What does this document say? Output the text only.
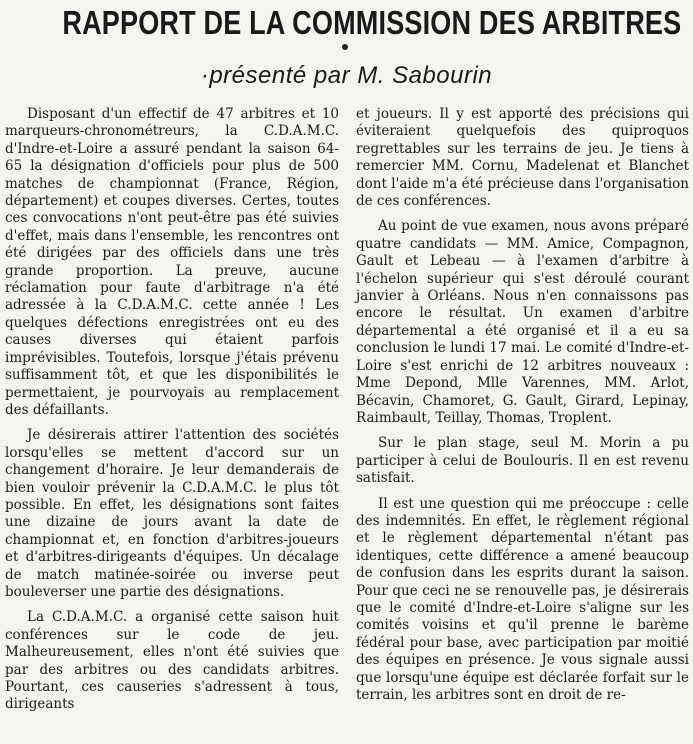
RAPPORT DE LA COMMISSION DES ARBITRES
·présenté par M. Sabourin

Disposant d'un effectif de 47 arbitres et 10 marqueurs-chronométreurs, la C.D.A.M.C. d'Indre-et-Loire a assuré pendant la saison 64-65 la désignation d'officiels pour plus de 500 matches de championnat (France, Région, département) et coupes diverses. Certes, toutes ces convocations n'ont peut-être pas été suivies d'effet, mais dans l'ensemble, les rencontres ont été dirigées par des officiels dans une très grande proportion. La preuve, aucune réclamation pour faute d'arbitrage n'a été adressée à la C.D.A.M.C. cette année ! Les quelques défections enregistrées ont eu des causes diverses qui étaient parfois imprévisibles. Toutefois, lorsque j'étais prévenu suffisamment tôt, et que les disponibilités le permettaient, je pourvoyais au remplacement des défaillants.

Je désirerais attirer l'attention des sociétés lorsqu'elles se mettent d'accord sur un changement d'horaire. Je leur demanderais de bien vouloir prévenir la C.D.A.M.C. le plus tôt possible. En effet, les désignations sont faites une dizaine de jours avant la date de championnat et, en fonction d'arbitres-joueurs et d'arbitres-dirigeants d'équipes. Un décalage de match matinée-soirée ou inverse peut bouleverser une partie des désignations.

La C.D.A.M.C. a organisé cette saison huit conférences sur le code de jeu. Malheureusement, elles n'ont été suivies que par des arbitres ou des candidats arbitres. Pourtant, ces causeries s'adressent à tous, dirigeants

et joueurs. Il y est apporté des précisions qui éviteraient quelquefois des quiproquos regrettables sur les terrains de jeu. Je tiens à remercier MM. Cornu, Madelenat et Blanchet dont l'aide m'a été précieuse dans l'organisation de ces conférences.

Au point de vue examen, nous avons préparé quatre candidats — MM. Amice, Compagnon, Gault et Lebeau — à l'examen d'arbitre à l'échelon supérieur qui s'est déroulé courant janvier à Orléans. Nous n'en connaissons pas encore le résultat. Un examen d'arbitre départemental a été organisé et il a eu sa conclusion le lundi 17 mai. Le comité d'Indre-et-Loire s'est enrichi de 12 arbitres nouveaux : Mme Depond, Mlle Varennes, MM. Arlot, Bécavin, Chamoret, G. Gault, Girard, Lepinay, Raimbault, Teillay, Thomas, Troplent.

Sur le plan stage, seul M. Morin a pu participer à celui de Boulouris. Il en est revenu satisfait.

Il est une question qui me préoccupe : celle des indemnités. En effet, le règlement régional et le règlement départemental n'étant pas identiques, cette différence a amené beaucoup de confusion dans les esprits durant la saison. Pour que ceci ne se renouvelle pas, je désirerais que le comité d'Indre-et-Loire s'aligne sur les comités voisins et qu'il prenne le barème fédéral pour base, avec participation par moitié des équipes en présence. Je vous signale aussi que lorsqu'une équipe est déclarée forfait sur le terrain, les arbitres sont en droit de re-
